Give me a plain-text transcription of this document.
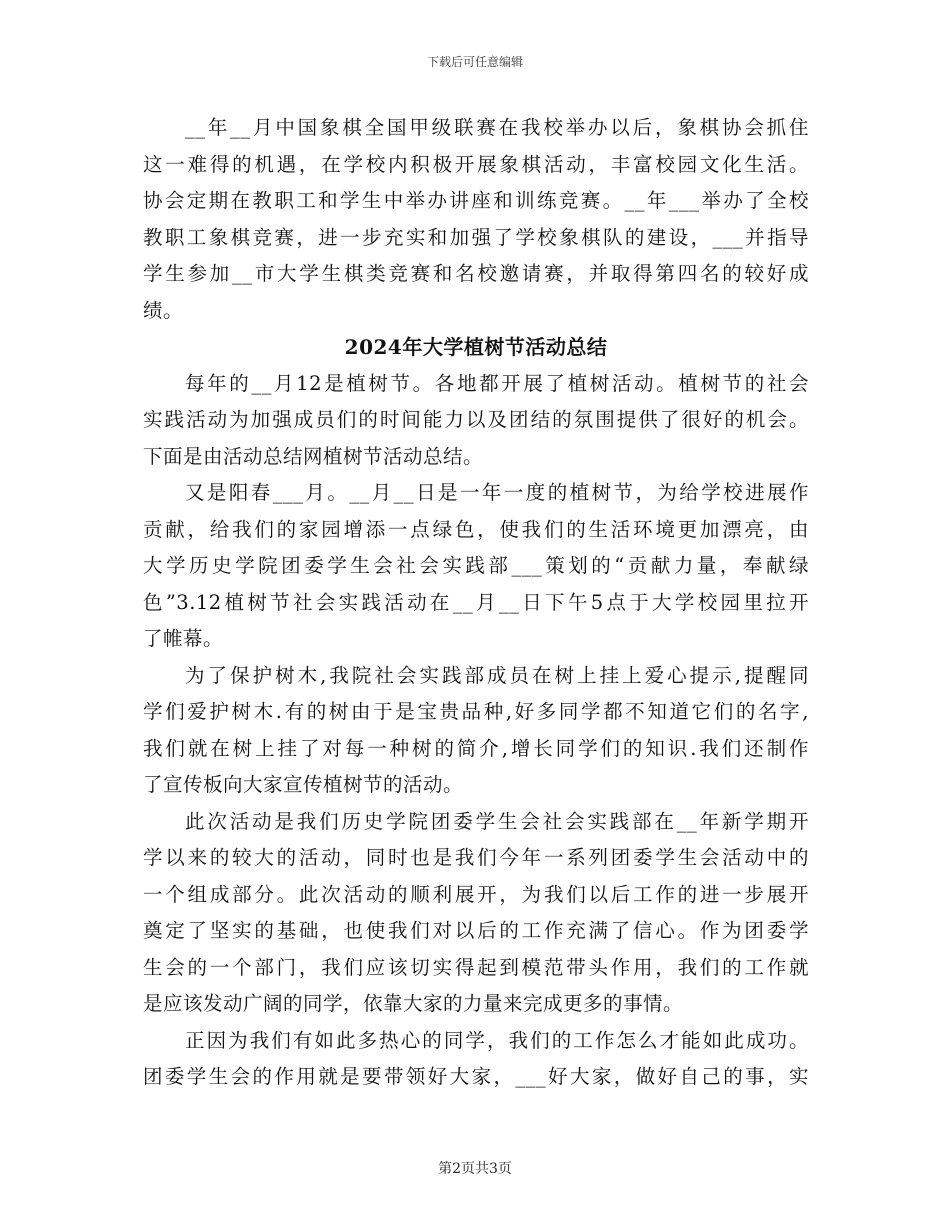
下载后可任意编辑
__年__月中国象棋全国甲级联赛在我校举办以后，象棋协会抓住
这一难得的机遇，在学校内积极开展象棋活动，丰富校园文化生活。
协会定期在教职工和学生中举办讲座和训练竞赛。__年___举办了全校
教职工象棋竞赛，进一步充实和加强了学校象棋队的建设，___并指导
学生参加__市大学生棋类竞赛和名校邀请赛，并取得第四名的较好成
绩。
2024年大学植树节活动总结
每年的__月12是植树节。各地都开展了植树活动。植树节的社会
实践活动为加强成员们的时间能力以及团结的氛围提供了很好的机会。
下面是由活动总结网植树节活动总结。
又是阳春___月。__月__日是一年一度的植树节，为给学校进展作
贡献，给我们的家园增添一点绿色，使我们的生活环境更加漂亮，由
大学历史学院团委学生会社会实践部___策划的“贡献力量，奉献绿
色”3.12植树节社会实践活动在__月__日下午5点于大学校园里拉开
了帷幕。
为了保护树木,我院社会实践部成员在树上挂上爱心提示,提醒同
学们爱护树木.有的树由于是宝贵品种,好多同学都不知道它们的名字,
我们就在树上挂了对每一种树的简介,增长同学们的知识.我们还制作
了宣传板向大家宣传植树节的活动。
此次活动是我们历史学院团委学生会社会实践部在__年新学期开
学以来的较大的活动，同时也是我们今年一系列团委学生会活动中的
一个组成部分。此次活动的顺利展开，为我们以后工作的进一步展开
奠定了坚实的基础，也使我们对以后的工作充满了信心。作为团委学
生会的一个部门，我们应该切实得起到模范带头作用，我们的工作就
是应该发动广阔的同学，依靠大家的力量来完成更多的事情。
正因为我们有如此多热心的同学，我们的工作怎么才能如此成功。
团委学生会的作用就是要带领好大家，___好大家，做好自己的事，实
第2页共3页
